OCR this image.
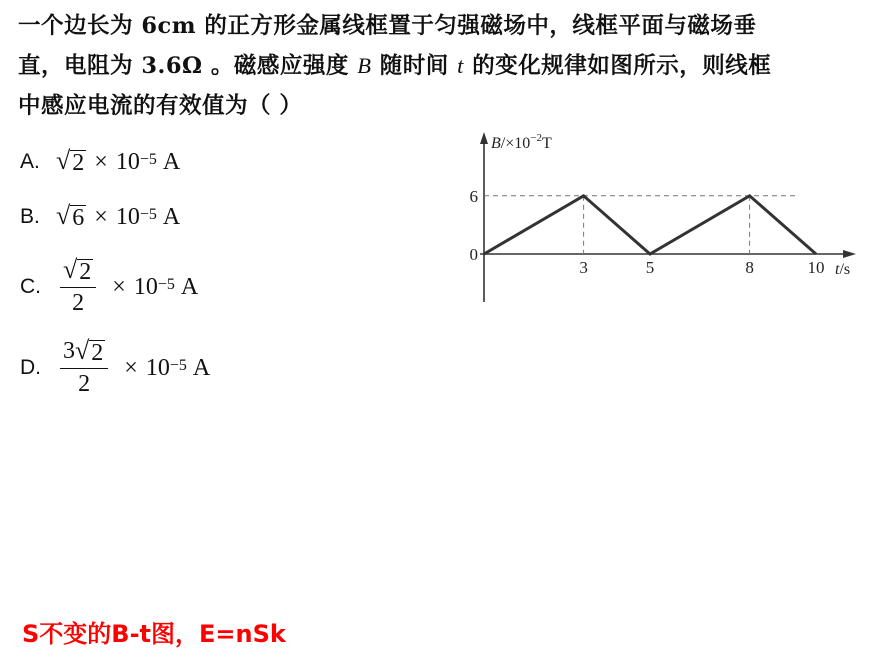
一个边长为 6cm 的正方形金属线框置于匀强磁场中，线框平面与磁场垂
直，电阻为 3.6Ω 。磁感应强度 B 随时间 t 的变化规律如图所示，则线框
中感应电流的有效值为（ ）
A. √ $2 \times 10^{-5}$ A
B. √ $6 \times 10^{-5}$ A
C. $\frac{√ 2}{2} \times 10^{-5}$ A
D. $\frac{3 √ 2}{2} \times 10^{-5}$ A
3	5	8	10
6
0
$B/\times 10^{-2}T$
t/s
S不变的B-t图，E=nSk
